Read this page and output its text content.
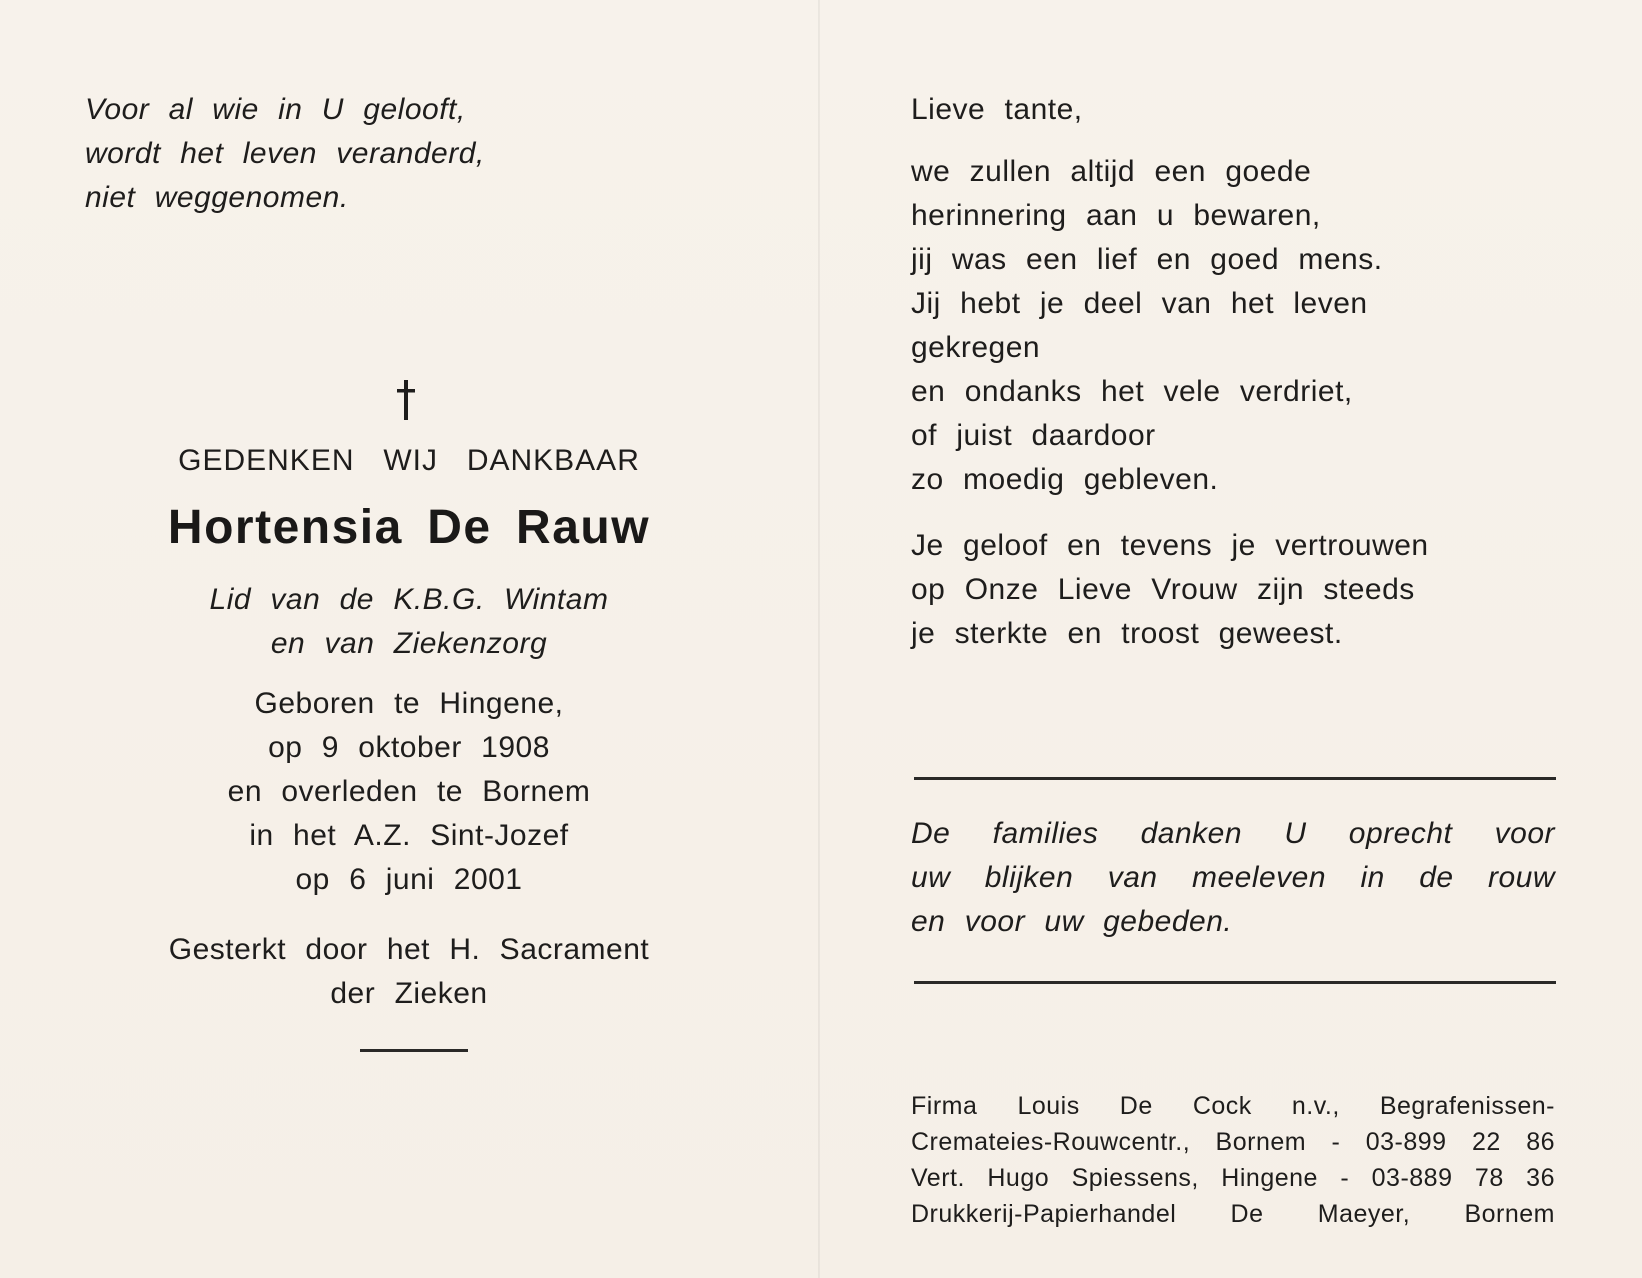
Voor al wie in U gelooft,
wordt het leven veranderd,
niet weggenomen.
GEDENKEN WIJ DANKBAAR
Hortensia De Rauw
Lid van de K.B.G. Wintam
en van Ziekenzorg
Geboren te Hingene,
op 9 oktober 1908
en overleden te Bornem
in het A.Z. Sint-Jozef
op 6 juni 2001
Gesterkt door het H. Sacrament
der Zieken
Lieve tante,
we zullen altijd een goede
herinnering aan u bewaren,
jij was een lief en goed mens.
Jij hebt je deel van het leven
gekregen
en ondanks het vele verdriet,
of juist daardoor
zo moedig gebleven.
Je geloof en tevens je vertrouwen
op Onze Lieve Vrouw zijn steeds
je sterkte en troost geweest.
De families danken U oprecht voor
uw blijken van meeleven in de rouw
en voor uw gebeden.
Firma Louis De Cock n.v., Begrafenissen-
Cremateies-Rouwcentr., Bornem - 03-899 22 86
Vert. Hugo Spiessens, Hingene - 03-889 78 36
Drukkerij-Papierhandel De Maeyer, Bornem
